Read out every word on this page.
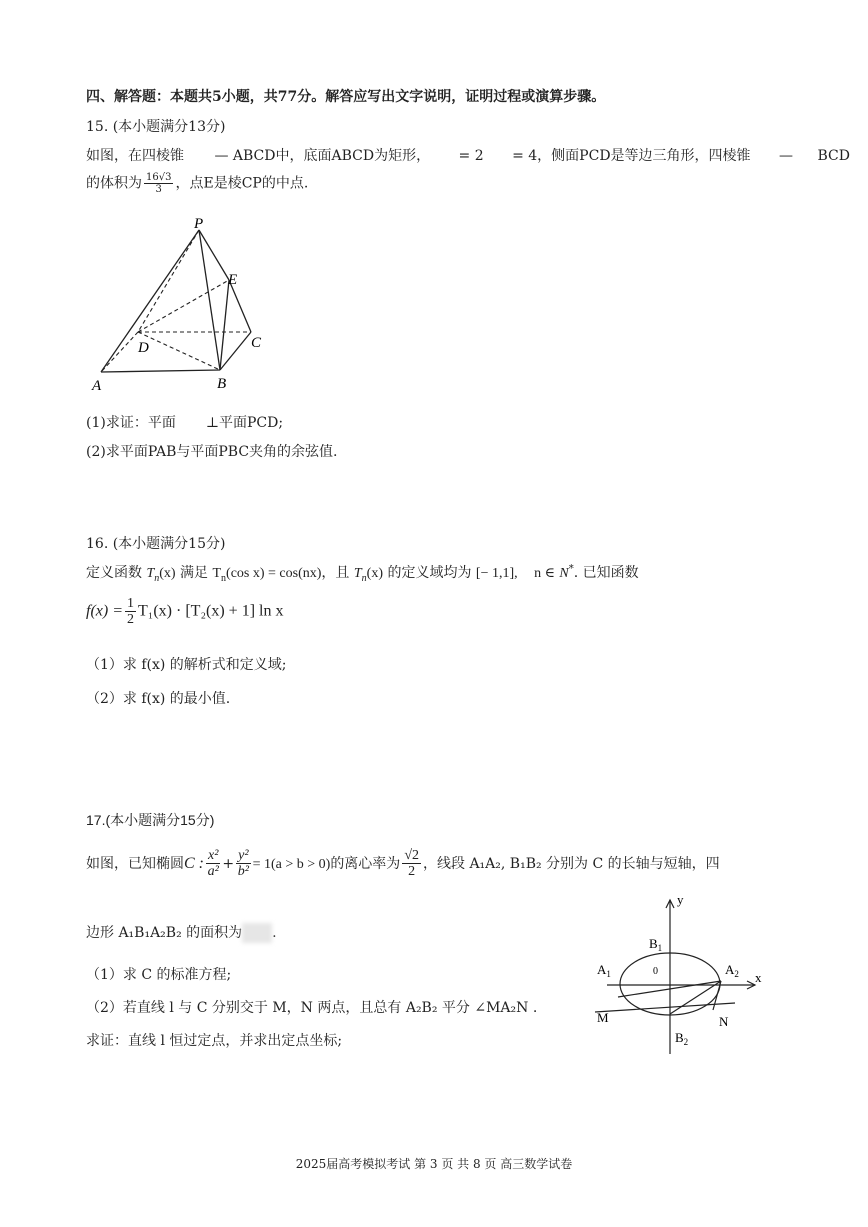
四、解答题：本题共5小题，共77分。解答应写出文字说明，证明过程或演算步骤。
15. (本小题满分13分)
如图，在四棱锥 — ABCD中，底面ABCD为矩形， = 2 = 4，侧面PCD是等边三角形，四棱锥 — BCD
的体积为 $\frac{16√3}{3}$ ，点E是棱CP的中点.
P
E
D	C
A	B
(1)求证：平面 ⊥平面PCD;
(2)求平面PAB与平面PBC夹角的余弦值.
16. (本小题满分15分)
定义函数 $T_n(x)$ 满足 $T_n(\cos$ x) = cos(nx)，且 $T_n(x)$ 的定义域均为 [− 1,1], n ∈ N*. 已知函数
$f(x) = \frac{1}{2} T_1(x) \cdot [T_2(x) + 1]$ ln x
（1）求 f(x) 的解析式和定义域;
（2）求 f(x) 的最小值.
17.(本小题满分15分)
如图，已知椭圆C : $\frac{\text{x²}}{\text{a²}} + \frac{\text{y²}}{\text{b²}} = 1(a > b > 0)$的离心率为 $\frac{√2}{2}$ ，线段 A₁A₂, B₁B₂ 分别为 C 的长轴与短轴，四
边形 A₁B₁A₂B₂ 的面积为 .
（1）求 C 的标准方程;
（2）若直线 l 与 C 分别交于 M，N 两点，且总有 A₂B₂ 平分 ∠MA₂N .
求证：直线 l 恒过定点，并求出定点坐标;
y
x
$B_1$
$A_1$	0	$A_2$
M	N
$B_2$
2025届高考模拟考试 第 3 页 共 8 页 高三数学试卷
